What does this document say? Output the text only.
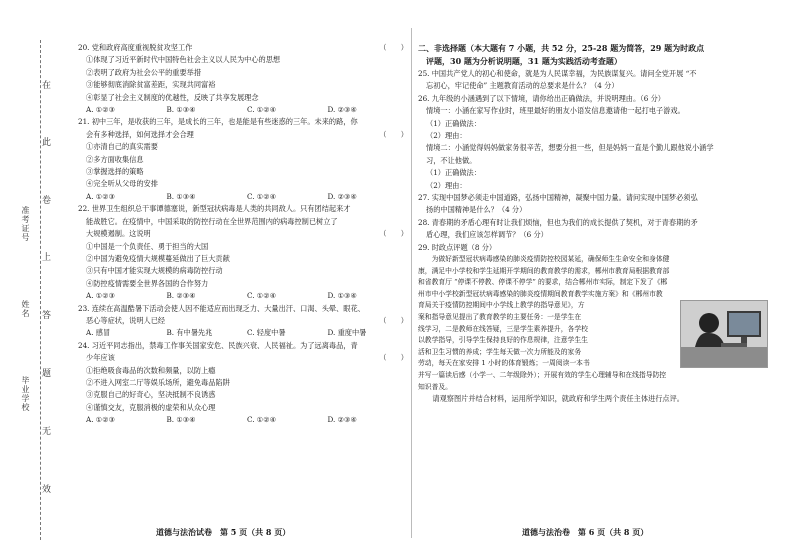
在
此
卷
上
答
题
无
效
准考证号
姓名
毕业学校
20. 党和政府高度重视脱贫攻坚工作	（　　）
①体现了习近平新时代中国特色社会主义以人民为中心的思想
②表明了政府为社会公平的重要举措
③能够彻底消除贫富差距，实现共同富裕
④彰显了社会主义制度的优越性，反映了共享发展理念
A. ①②③	B. ①③④	C. ①②④	D. ②③④
21. 初中三年，是收获的三年，是成长的三年，也是能是有些迷惑的三年。未来的路，你
会有多种选择，如何选择才会合理	（　　）
①亦清自己的真实需要
②多方面收集信息
③掌握选择的策略
④完全听从父母的安排
A. ①②③	B. ①③④	C. ①②④	D. ②③④
22. 世界卫生组织总干事谭德塞说，新型冠状病毒是人类的共同敌人。只有团结起来才
能战胜它。在疫情中，中国采取的防控行动在全世界范围内的病毒控制已树立了
大规模遏制。这说明	（　　）
①中国是一个负责任、勇于担当的大国
②中国为避免疫情大规模蔓延做出了巨大贡献
③只有中国才能实现大规模的病毒防控行动
④防控疫情需要全世界各国的合作努力
A. ①②③	B. ②③④	C. ①②④	D. ①③④
23. 连续在高温酷暑下活动会使人因不能适应而出现乏力、大量出汗、口渴、头晕、眼花、
恶心等症状，说明人已经	（　　）
A. 感冒	B. 有中暑先兆	C. 轻度中暑	D. 重度中暑
24. 习近平同志指出，禁毒工作事关国家安危、民族兴衰、人民福祉。为了远离毒品，青
少年应该	（　　）
①拒绝吸食毒品的次数和频量，以防上瘾
②不进入网室二厅等娱乐场所，避免毒品陷阱
③克服自己的好奇心，坚决抵制不良诱惑
④谨慎交友，克服消极的虚荣和从众心理
A. ①②③	B. ①③④	C. ①②④	D. ②③④
二、非选择题（本大题有 7 小题，共 52 分，25-28 题为简答，29 题为时政点
评题，30 题为分析说明题，31 题为实践活动考查题）
25. 中国共产党人的初心和使命，就是为人民谋幸福，为民族谋复兴。请问全党开展 “不
忘初心，牢记使命” 主题教育活动的总要求是什么？（4 分）
26. 九年级的小涵遇到了以下情境，请你给出正确做法，并说明理由。（6 分）
情境一：小涵在家写作业时，班里最好的朋友小语发信息邀请他一起打电子游戏。
（1）正确做法：
（2）理由：
情境二：小涵觉得妈妈做家务很辛苦，想要分担一些，但是妈妈一直是个勤儿跟他说小涵学
习，不让他做。
（1）正确做法：
（2）理由：
27. 实现中国梦必须走中国道路，弘扬中国精神，凝聚中国力量。请问实现中国梦必须弘
扬的中国精神是什么？（4 分）
28. 青春期的矛盾心理有时让我们烦恼，但也为我们的成长提供了契机，对于青春期的矛
盾心理，我们应该怎样调节？（6 分）
29. 时政点评题（8 分）
　　为做好新型冠状病毒感染的肺炎疫情防控校园某延，确保师生生命安全和身体健
康，满足中小学校和学生延期开学期间的教育教学的需求，郴州市教育局根据教育部
和省教育厅 “停课不停教、停课不停学” 的要求，结合郴州市实际，制定下发了《郴
州市中小学校新型冠状病毒感染的肺炎疫情期间教育教学实施方案》和《郴州市教
育局关于疫情防控期间中小学线上教学的指导意见》，方
案和指导意见提出了教育教学的主要任务：一是学生在
线学习，二是教师在线答疑，三是学生素养提升，各学校
以教学指导，引导学生保持良好的作息规律，注意学生生
活和卫生习惯的养成；学生每天做一次力所能及的家务
劳动，每天在家安排 1 小时的体育锻炼；一周阅读一本书
并写一篇读后感（小学一、二年级除外）；开展有效的学生心理辅导和在线指导防控
知识普及。
　　请观察图片并结合材料，运用所学知识，就政府和学生两个责任主体进行点评。
道德与法治试卷　第 5 页（共 8 页）	道德与法治卷　第 6 页（共 8 页）
